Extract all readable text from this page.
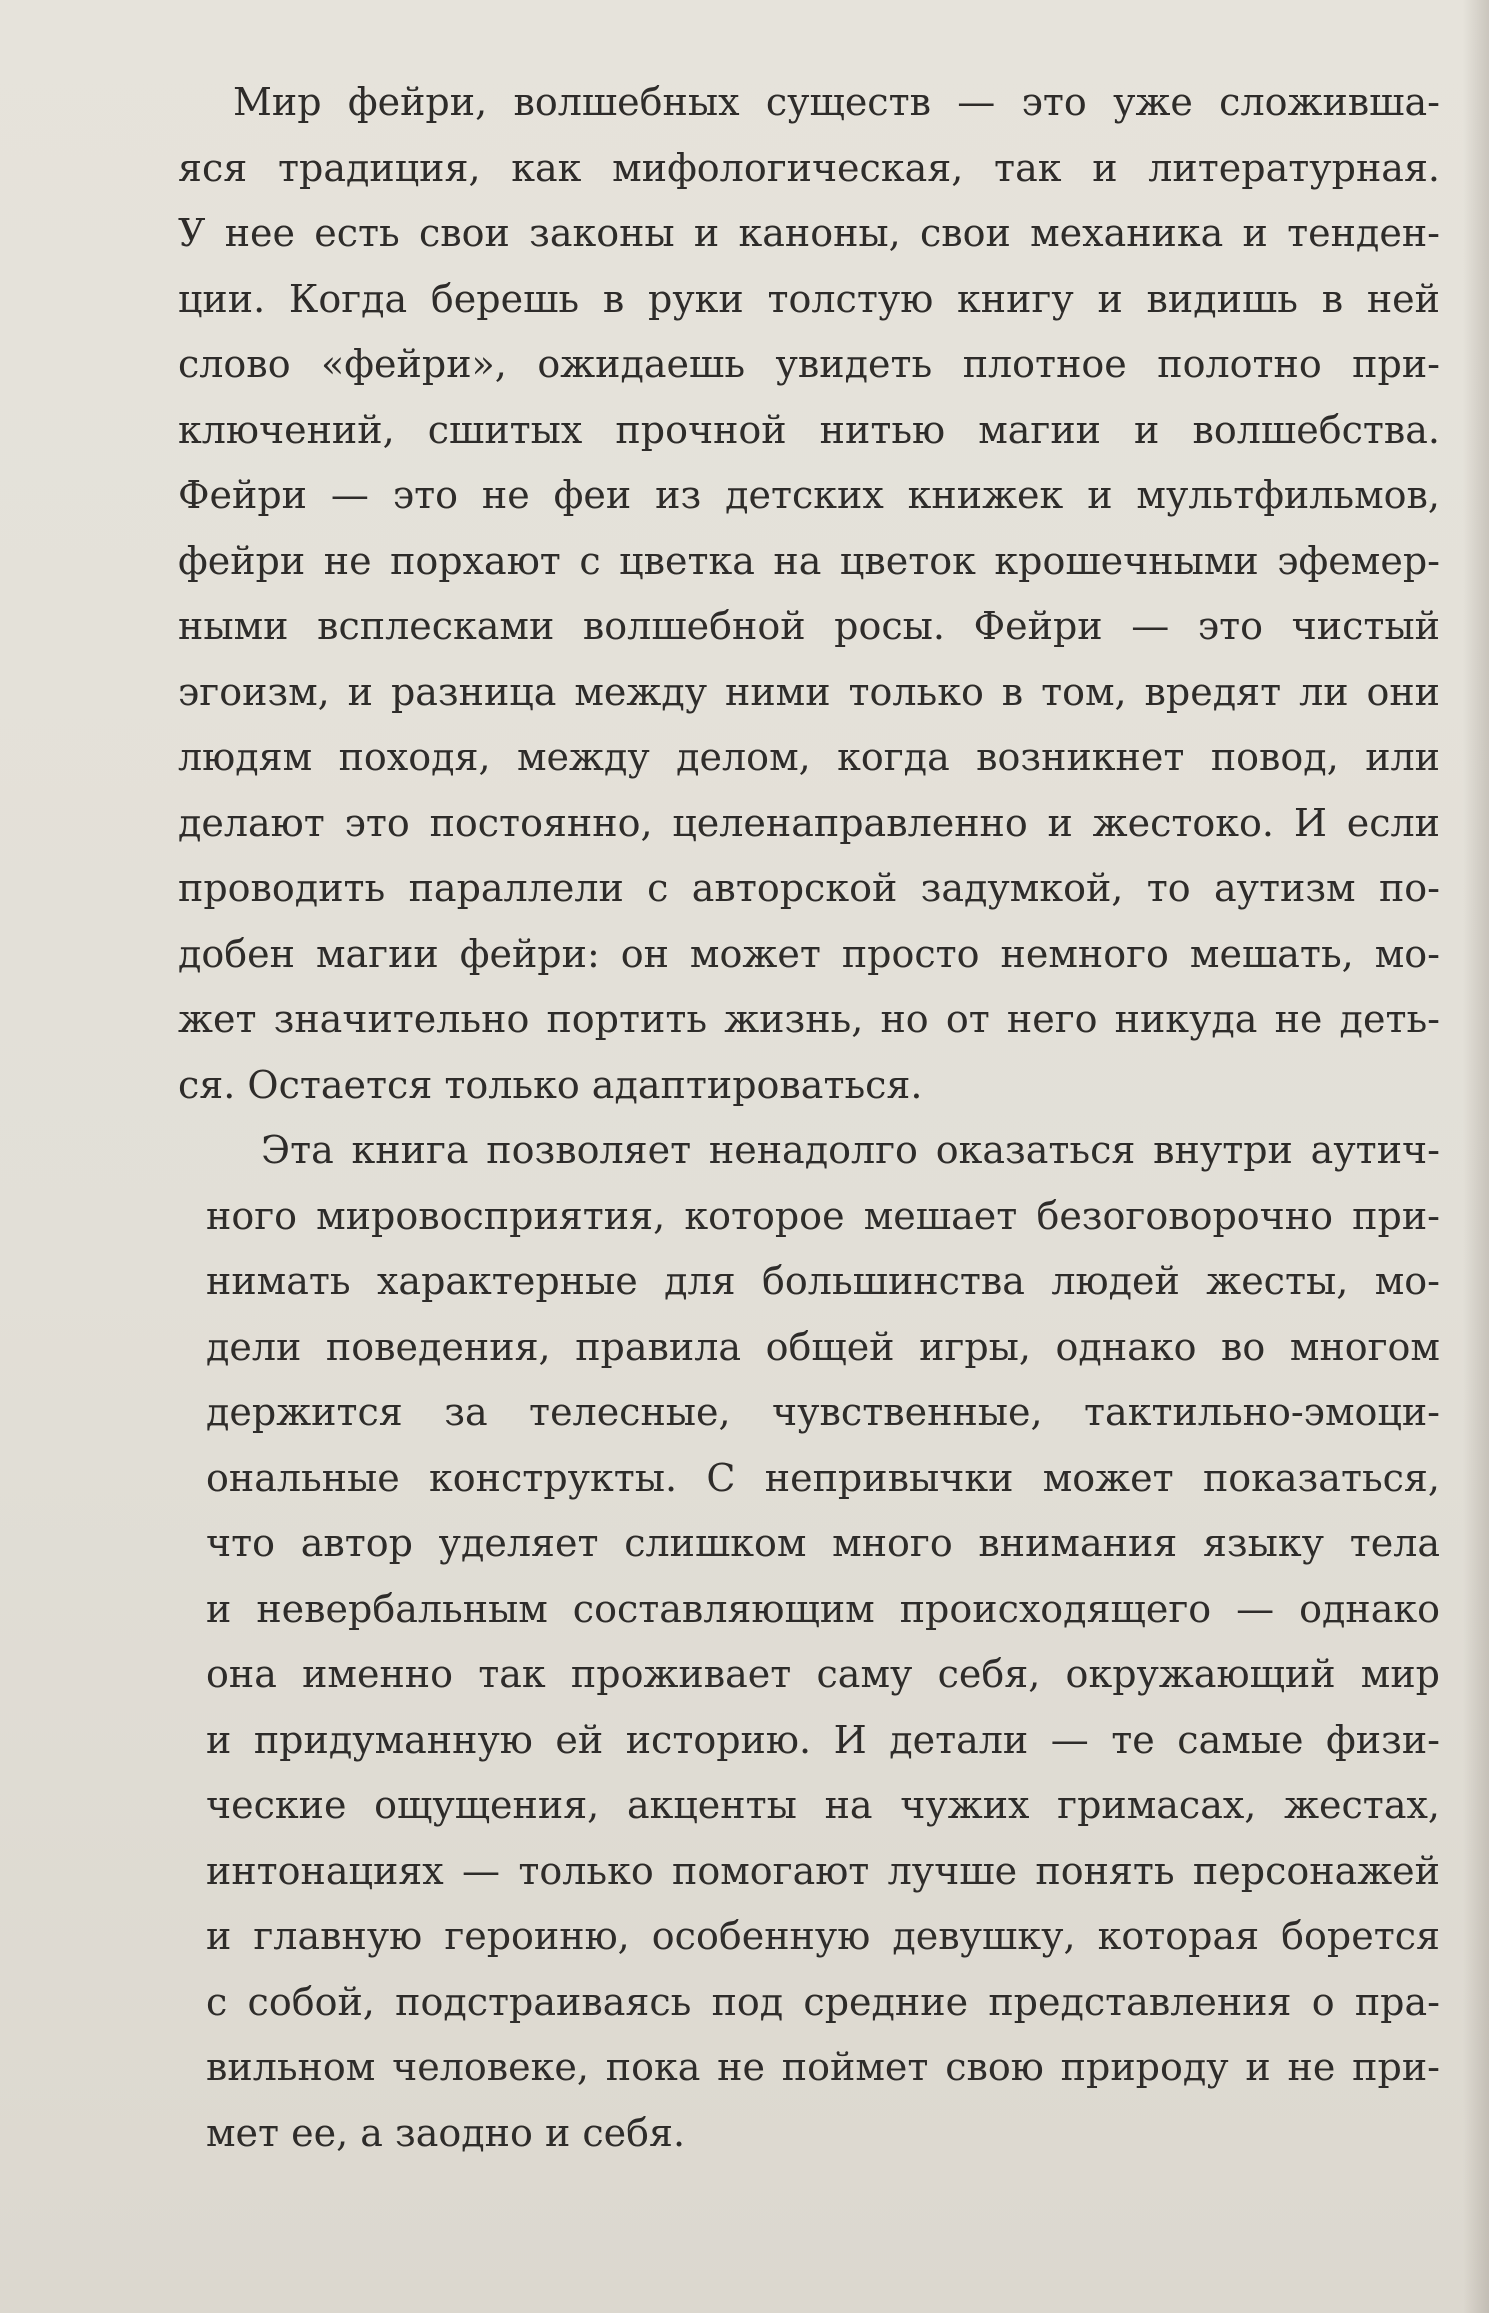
Мир фейри, волшебных существ — это уже сложивша-
яся традиция, как мифологическая, так и литературная.
У нее есть свои законы и каноны, свои механика и тенден-
ции. Когда берешь в руки толстую книгу и видишь в ней
слово «фейри», ожидаешь увидеть плотное полотно при-
ключений, сшитых прочной нитью магии и волшебства.
Фейри — это не феи из детских книжек и мультфильмов,
фейри не порхают с цветка на цветок крошечными эфемер-
ными всплесками волшебной росы. Фейри — это чистый
эгоизм, и разница между ними только в том, вредят ли они
людям походя, между делом, когда возникнет повод, или
делают это постоянно, целенаправленно и жестоко. И если
проводить параллели с авторской задумкой, то аутизм по-
добен магии фейри: он может просто немного мешать, мо-
жет значительно портить жизнь, но от него никуда не деть-
ся. Остается только адаптироваться.
Эта книга позволяет ненадолго оказаться внутри аутич-
ного мировосприятия, которое мешает безоговорочно при-
нимать характерные для большинства людей жесты, мо-
дели поведения, правила общей игры, однако во многом
держится за телесные, чувственные, тактильно-эмоци-
ональные конструкты. С непривычки может показаться,
что автор уделяет слишком много внимания языку тела
и невербальным составляющим происходящего — однако
она именно так проживает саму себя, окружающий мир
и придуманную ей историю. И детали — те самые физи-
ческие ощущения, акценты на чужих гримасах, жестах,
интонациях — только помогают лучше понять персонажей
и главную героиню, особенную девушку, которая борется
с собой, подстраиваясь под средние представления о пра-
вильном человеке, пока не поймет свою природу и не при-
мет ее, а заодно и себя.
